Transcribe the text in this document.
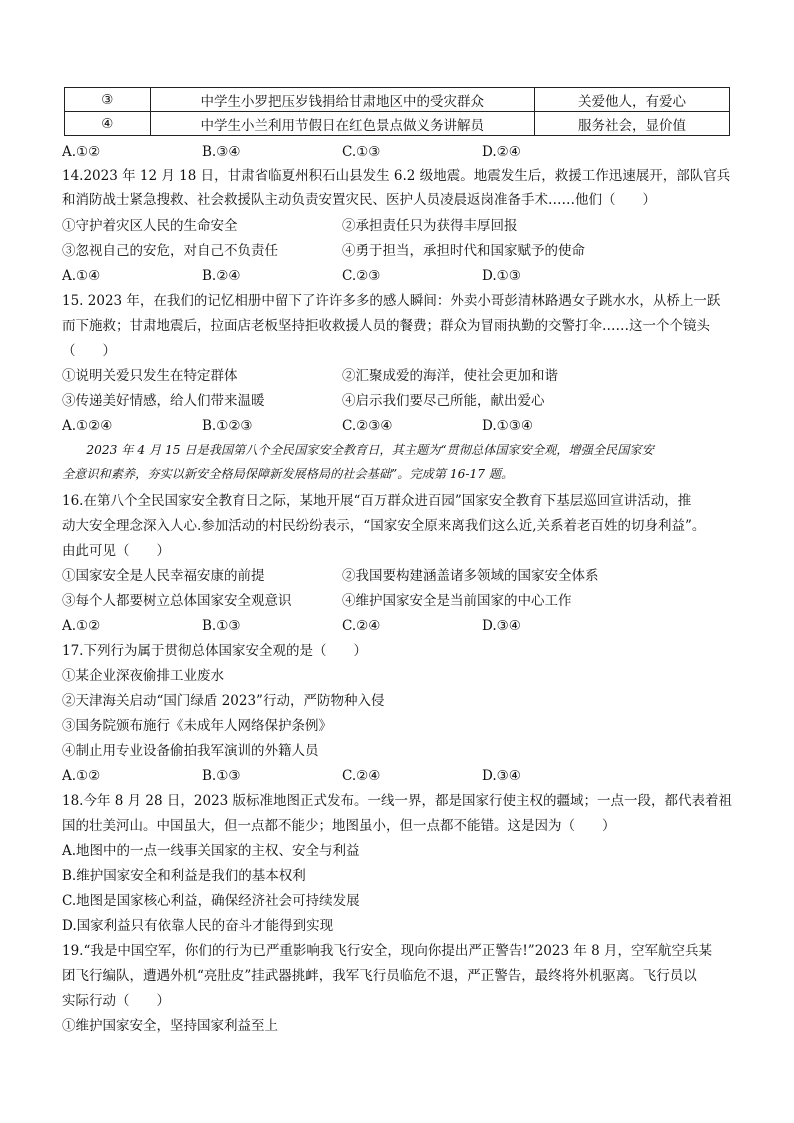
③	中学生小罗把压岁钱捐给甘肃地区中的受灾群众	关爱他人，有爱心
④	中学生小兰利用节假日在红色景点做义务讲解员	服务社会，显价值
A.①②	B.③④	C.①③	D.②④
14.2023 年 12 月 18 日，甘肃省临夏州积石山县发生 6.2 级地震。地震发生后，救援工作迅速展开，部队官兵
和消防战士紧急搜救、社会救援队主动负责安置灾民、医护人员凌晨返岗准备手术……他们（　　）
①守护着灾区人民的生命安全	②承担责任只为获得丰厚回报
③忽视自己的安危，对自己不负责任	④勇于担当，承担时代和国家赋予的使命
A.①④	B.②④	C.②③	D.①③
15. 2023 年，在我们的记忆相册中留下了许许多多的感人瞬间：外卖小哥彭清林路遇女子跳水水，从桥上一跃
而下施救；甘肃地震后，拉面店老板坚持拒收救援人员的餐费；群众为冒雨执勤的交警打伞……这一个个镜头
（　　）
①说明关爱只发生在特定群体	②汇聚成爱的海洋，使社会更加和谐
③传递美好情感，给人们带来温暖	④启示我们要尽己所能，献出爱心
A.①②④	B.①②③	C.②③④	D.①③④
　　2023 年 4 月 15 日是我国第八个全民国家安全教育日，其主题为“贯彻总体国家安全观，增强全民国家安
全意识和素养，夯实以新安全格局保障新发展格局的社会基础”。完成第 16-17 题。
16.在第八个全民国家安全教育日之际，某地开展“百万群众进百园”国家安全教育下基层巡回宣讲活动，推
动大安全理念深入人心.参加活动的村民纷纷表示，“国家安全原来离我们这么近,关系着老百姓的切身利益”。
由此可见（　　）
①国家安全是人民幸福安康的前提	②我国要构建涵盖诸多领域的国家安全体系
③每个人都要树立总体国家安全观意识	④维护国家安全是当前国家的中心工作
A.①②	B.①③	C.②④	D.③④
17.下列行为属于贯彻总体国家安全观的是（　　）
①某企业深夜偷排工业废水
②天津海关启动“国门绿盾 2023”行动，严防物种入侵
③国务院颁布施行《未成年人网络保护条例》
④制止用专业设备偷拍我军演训的外籍人员
A.①②	B.①③	C.②④	D.③④
18.今年 8 月 28 日，2023 版标准地图正式发布。一线一界，都是国家行使主权的疆域；一点一段，都代表着祖
国的壮美河山。中国虽大，但一点都不能少；地图虽小，但一点都不能错。这是因为（　　）
A.地图中的一点一线事关国家的主权、安全与利益
B.维护国家安全和利益是我们的基本权利
C.地图是国家核心利益，确保经济社会可持续发展
D.国家利益只有依靠人民的奋斗才能得到实现
19.“我是中国空军，你们的行为已严重影响我飞行安全，现向你提出严正警告!”2023 年 8 月，空军航空兵某
团飞行编队，遭遇外机“亮肚皮”挂武器挑衅，我军飞行员临危不退，严正警告，最终将外机驱离。飞行员以
实际行动（　　）
①维护国家安全，坚持国家利益至上
